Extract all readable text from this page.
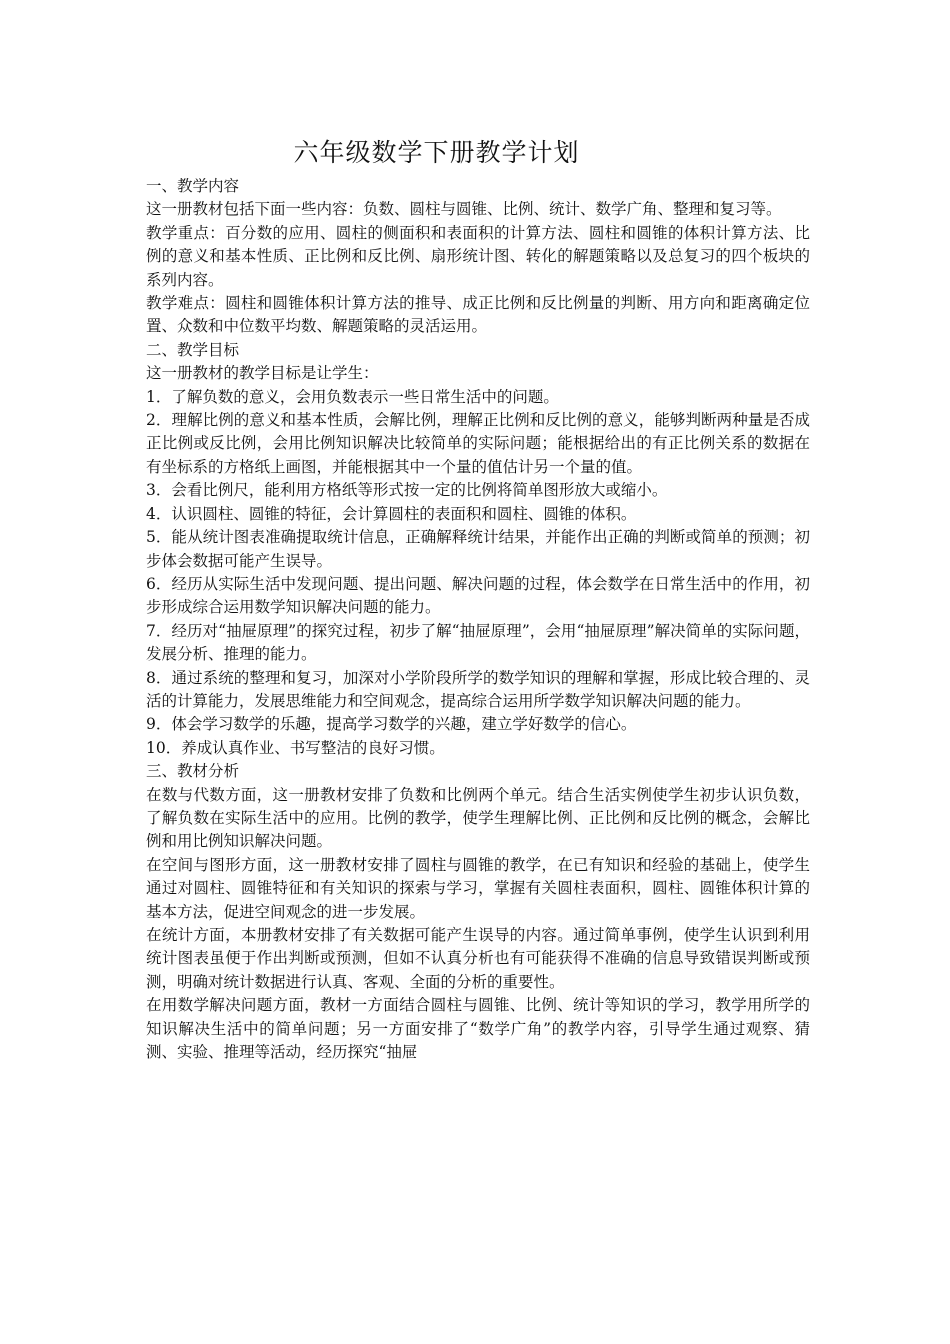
六年级数学下册教学计划

一、教学内容

这一册教材包括下面一些内容：负数、圆柱与圆锥、比例、统计、数学广角、整理和复习等。

教学重点：百分数的应用、圆柱的侧面积和表面积的计算方法、圆柱和圆锥的体积计算方法、比例的意义和基本性质、正比例和反比例、扇形统计图、转化的解题策略以及总复习的四个板块的系列内容。

教学难点：圆柱和圆锥体积计算方法的推导、成正比例和反比例量的判断、用方向和距离确定位置、众数和中位数平均数、解题策略的灵活运用。

二、教学目标

这一册教材的教学目标是让学生：

1．了解负数的意义，会用负数表示一些日常生活中的问题。

2．理解比例的意义和基本性质，会解比例，理解正比例和反比例的意义，能够判断两种量是否成正比例或反比例，会用比例知识解决比较简单的实际问题；能根据给出的有正比例关系的数据在有坐标系的方格纸上画图，并能根据其中一个量的值估计另一个量的值。

3．会看比例尺，能利用方格纸等形式按一定的比例将简单图形放大或缩小。

4．认识圆柱、圆锥的特征，会计算圆柱的表面积和圆柱、圆锥的体积。

5．能从统计图表准确提取统计信息，正确解释统计结果，并能作出正确的判断或简单的预测；初步体会数据可能产生误导。

6．经历从实际生活中发现问题、提出问题、解决问题的过程，体会数学在日常生活中的作用，初步形成综合运用数学知识解决问题的能力。

7．经历对“抽屉原理”的探究过程，初步了解“抽屉原理”，会用“抽屉原理”解决简单的实际问题，发展分析、推理的能力。

8．通过系统的整理和复习，加深对小学阶段所学的数学知识的理解和掌握，形成比较合理的、灵活的计算能力，发展思维能力和空间观念，提高综合运用所学数学知识解决问题的能力。

9．体会学习数学的乐趣，提高学习数学的兴趣，建立学好数学的信心。

10．养成认真作业、书写整洁的良好习惯。

三、教材分析

在数与代数方面，这一册教材安排了负数和比例两个单元。结合生活实例使学生初步认识负数，了解负数在实际生活中的应用。比例的教学，使学生理解比例、正比例和反比例的概念，会解比例和用比例知识解决问题。

在空间与图形方面，这一册教材安排了圆柱与圆锥的教学，在已有知识和经验的基础上，使学生通过对圆柱、圆锥特征和有关知识的探索与学习，掌握有关圆柱表面积，圆柱、圆锥体积计算的基本方法，促进空间观念的进一步发展。

在统计方面，本册教材安排了有关数据可能产生误导的内容。通过简单事例，使学生认识到利用统计图表虽便于作出判断或预测，但如不认真分析也有可能获得不准确的信息导致错误判断或预测，明确对统计数据进行认真、客观、全面的分析的重要性。

在用数学解决问题方面，教材一方面结合圆柱与圆锥、比例、统计等知识的学习，教学用所学的知识解决生活中的简单问题；另一方面安排了“数学广角”的教学内容，引导学生通过观察、猜测、实验、推理等活动，经历探究“抽屉
